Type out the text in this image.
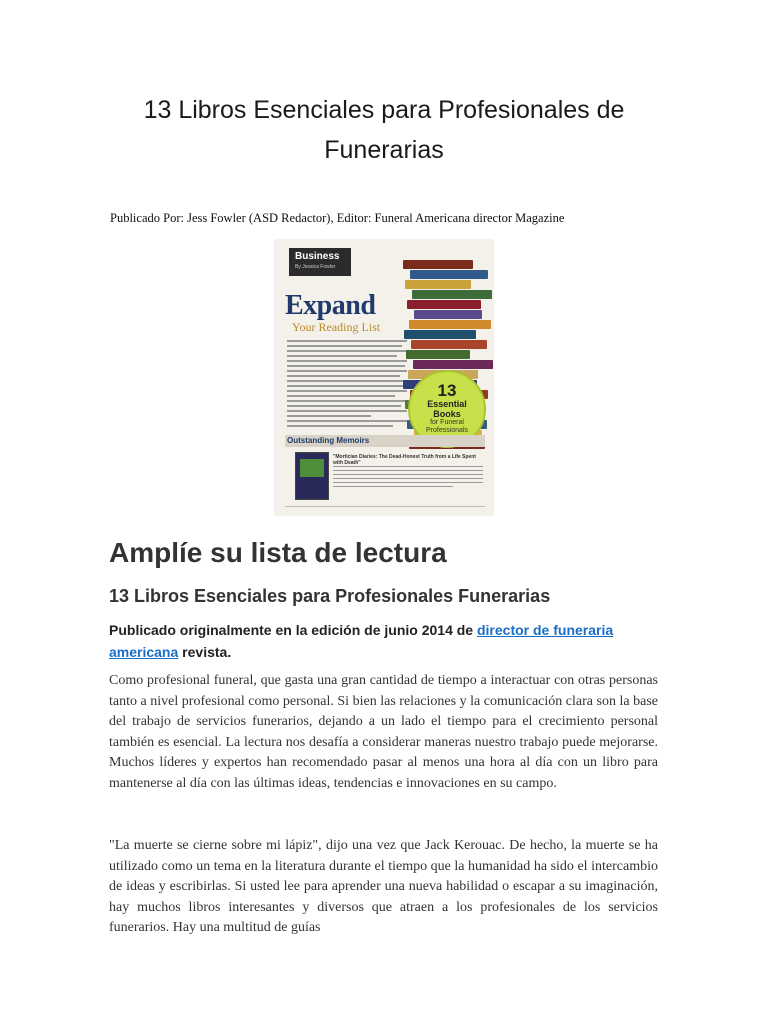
13 Libros Esenciales para Profesionales de Funerarias
Publicado Por: Jess Fowler (ASD Redactor), Editor: Funeral Americana director Magazine
Business
By Jessica Fowler
Expand
Your Reading List
13
Essential
Books
for Funeral
Professionals
Outstanding Memoirs
"Mortician Diaries: The Dead-Honest Truth from a Life Spent with Death"
Amplíe su lista de lectura
13 Libros Esenciales para Profesionales Funerarias

Publicado originalmente en la edición de junio 2014 de director de funeraria americana revista.

Como profesional funeral, que gasta una gran cantidad de tiempo a interactuar con otras personas tanto a nivel profesional como personal. Si bien las relaciones y la comunicación clara son la base del trabajo de servicios funerarios, dejando a un lado el tiempo para el crecimiento personal también es esencial. La lectura nos desafía a considerar maneras nuestro trabajo puede mejorarse. Muchos líderes y expertos han recomendado pasar al menos una hora al día con un libro para mantenerse al día con las últimas ideas, tendencias e innovaciones en su campo.

"La muerte se cierne sobre mi lápiz", dijo una vez que Jack Kerouac. De hecho, la muerte se ha utilizado como un tema en la literatura durante el tiempo que la humanidad ha sido el intercambio de ideas y escribirlas. Si usted lee para aprender una nueva habilidad o escapar a su imaginación, hay muchos libros interesantes y diversos que atraen a los profesionales de los servicios funerarios. Hay una multitud de guías
